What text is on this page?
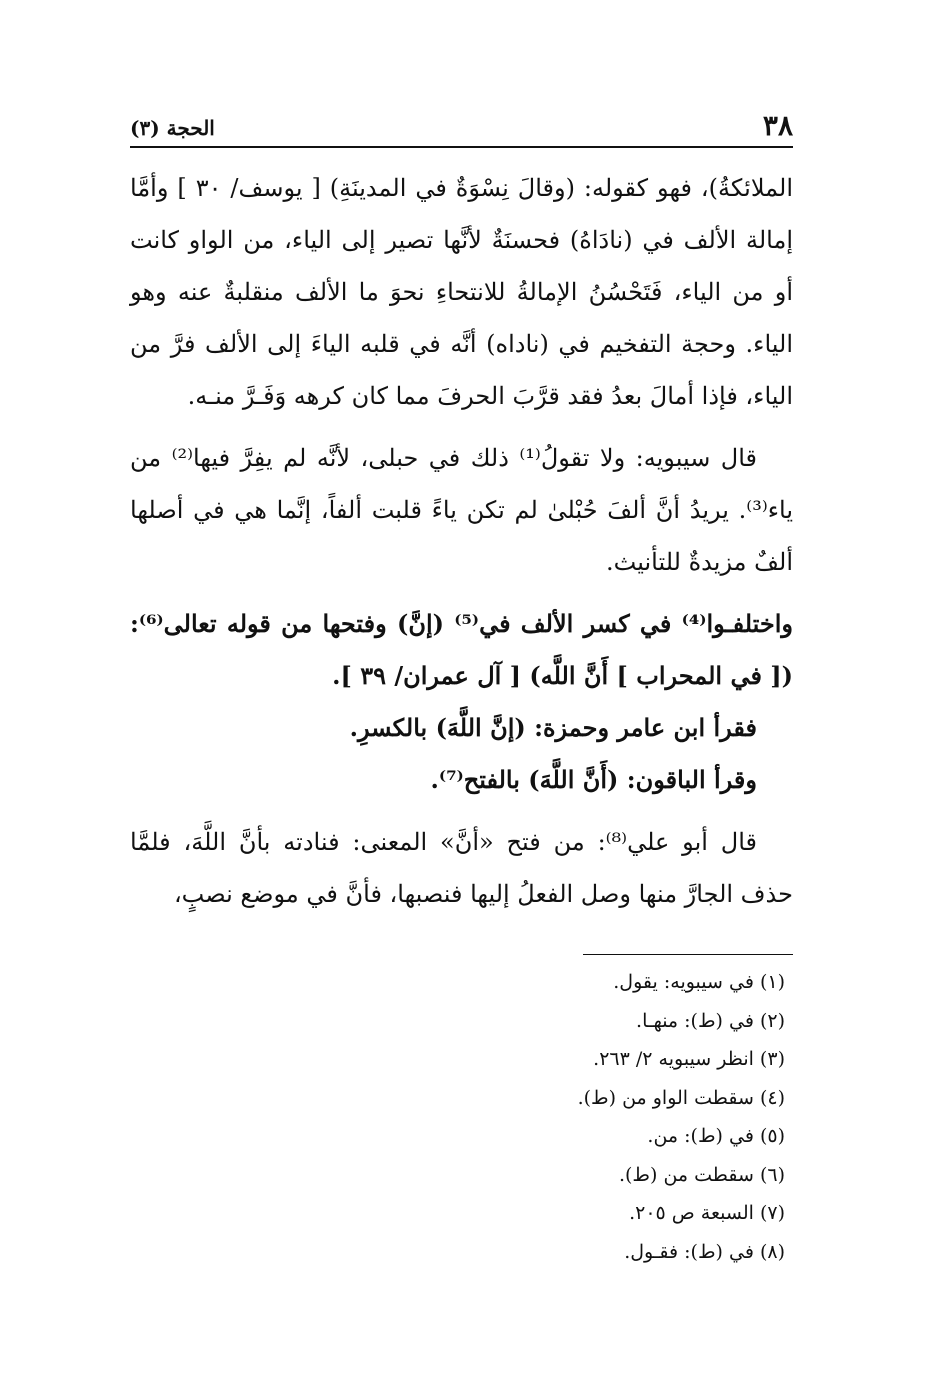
٣٨
الحجة (٣)

الملائكةُ)، فهو كقوله: (وقالَ نِسْوَةٌ في المدينَةِ) [ يوسف/ ٣٠ ] وأمَّا إمالة الألف في (نادَاهُ) فحسنَةٌ لأنَّها تصير إلى الياء، من الواو كانت أو من الياء، فَتَحْسُنُ الإمالةُ للانتحاءِ نحوَ ما الألف منقلبةٌ عنه وهو الياء. وحجة التفخيم في (ناداه) أنَّه في قلبه الياءَ إلى الألف فرَّ من الياء، فإذا أمالَ بعدُ فقد قرَّبَ الحرفَ مما كان كرهه وَفَـرَّ منـه.

قال سيبويه: ولا تقولُ⁽¹⁾ ذلك في حبلى، لأنَّه لم يفِرَّ فيها⁽²⁾ من ياء⁽³⁾. يريدُ أنَّ ألفَ حُبْلىٰ لم تكن ياءً قلبت ألفاً، إنَّما هي في أصلها ألفٌ مزيدةٌ للتأنيث.

واختلفـوا⁽⁴⁾ في كسر الألف في⁽⁵⁾ (إنَّ) وفتحها من قوله تعالى⁽⁶⁾: ([ في المحراب ] أَنَّ اللَّه) [ آل عمران/ ٣٩ ].

فقرأ ابن عامر وحمزة: (إنَّ اللَّهَ) بالكسرِ.

وقرأ الباقون: (أَنَّ اللَّهَ) بالفتح⁽⁷⁾.

قال أبو علي⁽⁸⁾: من فتح «أنَّ» المعنى: فنادته بأنَّ اللَّهَ، فلمَّا حذف الجارَّ منها وصل الفعلُ إليها فنصبها، فأنَّ في موضع نصبٍ،

(١) في سيبويه: يقول.

(٢) في (ط): منهـا.

(٣) انظر سيبويه ٢/ ٢٦٣.

(٤) سقطت الواو من (ط).

(٥) في (ط): من.

(٦) سقطت من (ط).

(٧) السبعة ص ٢٠٥.

(٨) في (ط): فقـول.
